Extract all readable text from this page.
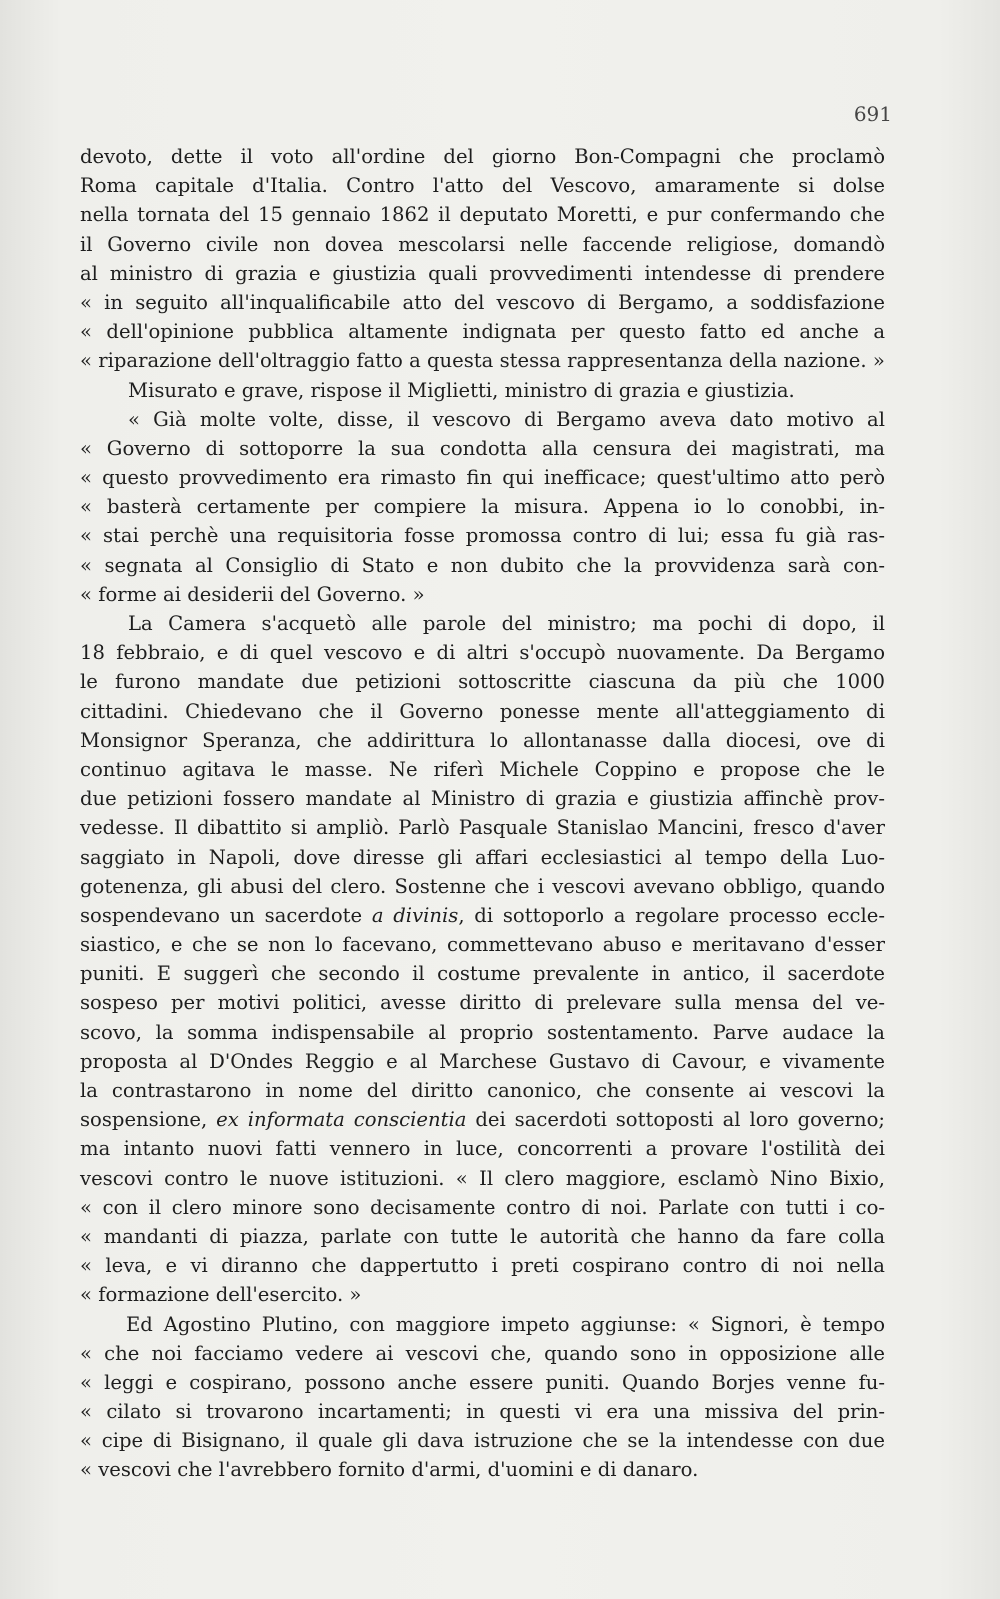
691
devoto, dette il voto all'ordine del giorno Bon-Compagni che proclamò
Roma capitale d'Italia. Contro l'atto del Vescovo, amaramente si dolse
nella tornata del 15 gennaio 1862 il deputato Moretti, e pur confermando che
il Governo civile non dovea mescolarsi nelle faccende religiose, domandò
al ministro di grazia e giustizia quali provvedimenti intendesse di prendere
« in seguito all'inqualificabile atto del vescovo di Bergamo, a soddisfazione
« dell'opinione pubblica altamente indignata per questo fatto ed anche a
« riparazione dell'oltraggio fatto a questa stessa rappresentanza della nazione. »
Misurato e grave, rispose il Miglietti, ministro di grazia e giustizia.
« Già molte volte, disse, il vescovo di Bergamo aveva dato motivo al
« Governo di sottoporre la sua condotta alla censura dei magistrati, ma
« questo provvedimento era rimasto fin qui inefficace; quest'ultimo atto però
« basterà certamente per compiere la misura. Appena io lo conobbi, in-
« stai perchè una requisitoria fosse promossa contro di lui; essa fu già ras-
« segnata al Consiglio di Stato e non dubito che la provvidenza sarà con-
« forme ai desiderii del Governo. »
La Camera s'acquetò alle parole del ministro; ma pochi di dopo, il
18 febbraio, e di quel vescovo e di altri s'occupò nuovamente. Da Bergamo
le furono mandate due petizioni sottoscritte ciascuna da più che 1000
cittadini. Chiedevano che il Governo ponesse mente all'atteggiamento di
Monsignor Speranza, che addirittura lo allontanasse dalla diocesi, ove di
continuo agitava le masse. Ne riferì Michele Coppino e propose che le
due petizioni fossero mandate al Ministro di grazia e giustizia affinchè prov-
vedesse. Il dibattito si ampliò. Parlò Pasquale Stanislao Mancini, fresco d'aver
saggiato in Napoli, dove diresse gli affari ecclesiastici al tempo della Luo-
gotenenza, gli abusi del clero. Sostenne che i vescovi avevano obbligo, quando
sospendevano un sacerdote a divinis, di sottoporlo a regolare processo eccle-
siastico, e che se non lo facevano, commettevano abuso e meritavano d'esser
puniti. E suggerì che secondo il costume prevalente in antico, il sacerdote
sospeso per motivi politici, avesse diritto di prelevare sulla mensa del ve-
scovo, la somma indispensabile al proprio sostentamento. Parve audace la
proposta al D'Ondes Reggio e al Marchese Gustavo di Cavour, e vivamente
la contrastarono in nome del diritto canonico, che consente ai vescovi la
sospensione, ex informata conscientia dei sacerdoti sottoposti al loro governo;
ma intanto nuovi fatti vennero in luce, concorrenti a provare l'ostilità dei
vescovi contro le nuove istituzioni. « Il clero maggiore, esclamò Nino Bixio,
« con il clero minore sono decisamente contro di noi. Parlate con tutti i co-
« mandanti di piazza, parlate con tutte le autorità che hanno da fare colla
« leva, e vi diranno che dappertutto i preti cospirano contro di noi nella
« formazione dell'esercito. »
Ed Agostino Plutino, con maggiore impeto aggiunse: « Signori, è tempo
« che noi facciamo vedere ai vescovi che, quando sono in opposizione alle
« leggi e cospirano, possono anche essere puniti. Quando Borjes venne fu-
« cilato si trovarono incartamenti; in questi vi era una missiva del prin-
« cipe di Bisignano, il quale gli dava istruzione che se la intendesse con due
« vescovi che l'avrebbero fornito d'armi, d'uomini e di danaro.
